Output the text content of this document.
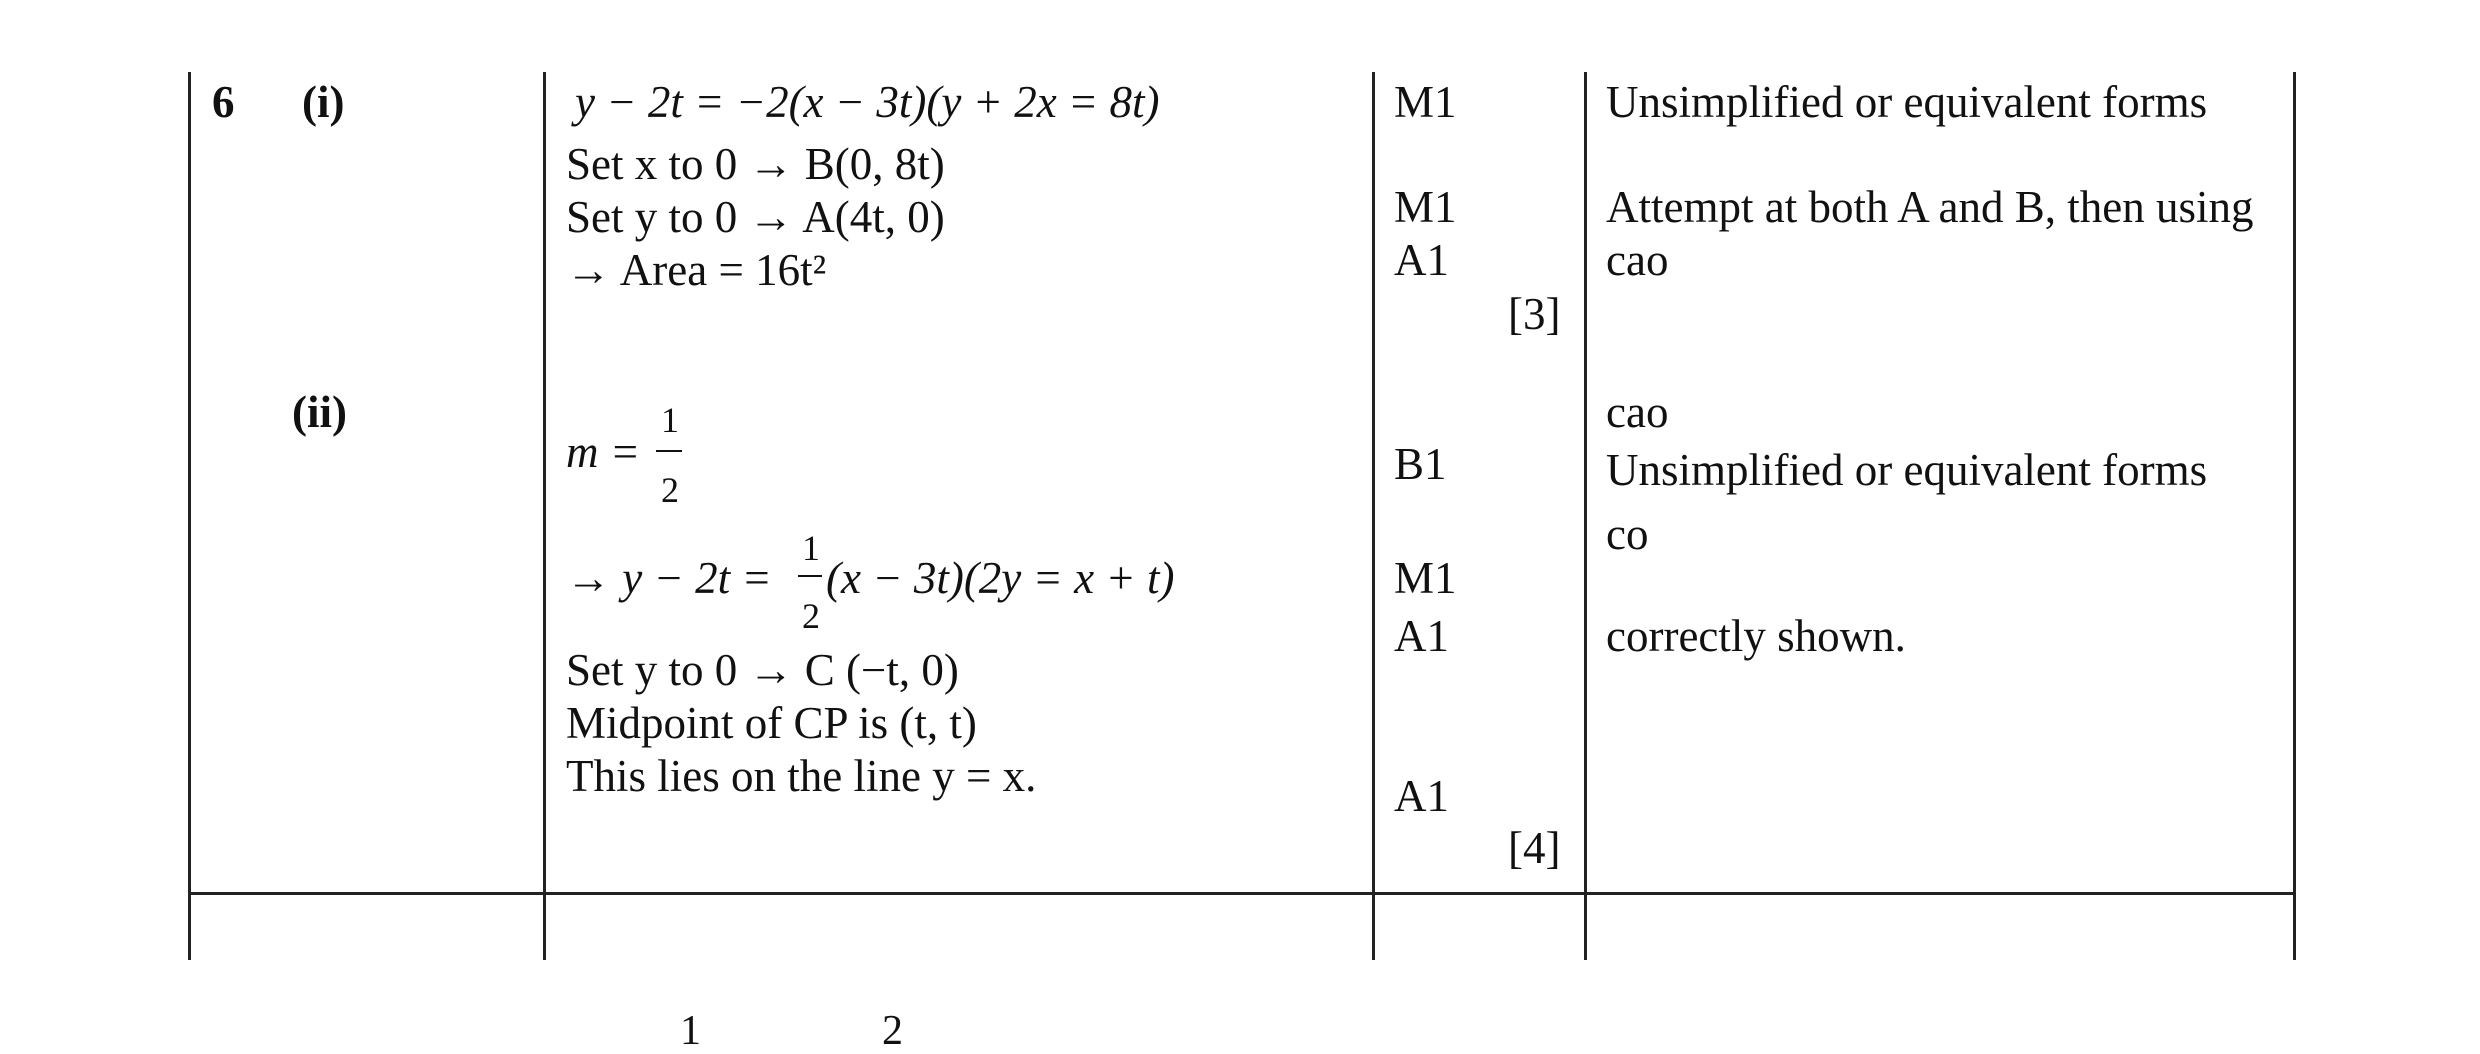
6 (i)
(ii)
y − 2t = −2(x − 3t)(y + 2x = 8t)
Set x to 0 → B(0, 8t)
Set y to 0 → A(4t, 0)
→ Area = 16t²
M1
M1
A1
[3]
Unsimplified or equivalent forms
Attempt at both A and B, then using
cao
m =
1
2
→ y − 2t =
1
2
(x − 3t)(2y = x + t)
Set y to 0 → C (−t, 0)
Midpoint of CP is (t, t)
This lies on the line y = x.
B1
M1
A1
A1
[4]
cao
Unsimplified or equivalent forms
co
correctly shown.
1	2
